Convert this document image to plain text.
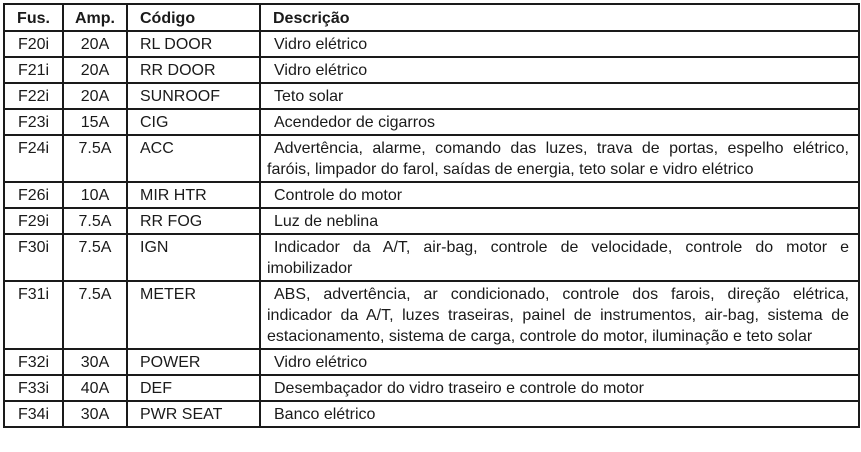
Fus.	Amp.	Código	Descrição
F20i	20A	RL DOOR	Vidro elétrico
F21i	20A	RR DOOR	Vidro elétrico
F22i	20A	SUNROOF	Teto solar
F23i	15A	CIG	Acendedor de cigarros
F24i	7.5A	ACC	Advertência, alarme, comando das luzes, trava de portas, espelho elétrico, faróis, limpador do farol, saídas de energia, teto solar e vidro elétrico
F26i	10A	MIR HTR	Controle do motor
F29i	7.5A	RR FOG	Luz de neblina
F30i	7.5A	IGN	Indicador da A/T, air-bag, controle de velocidade, controle do motor e imobilizador
F31i	7.5A	METER	ABS, advertência, ar condicionado, controle dos farois, direção elétrica, indicador da A/T, luzes traseiras, painel de instrumentos, air-bag, sistema de estacionamento, sistema de carga, controle do motor, iluminação e teto solar
F32i	30A	POWER	Vidro elétrico
F33i	40A	DEF	Desembaçador do vidro traseiro e controle do motor
F34i	30A	PWR SEAT	Banco elétrico
